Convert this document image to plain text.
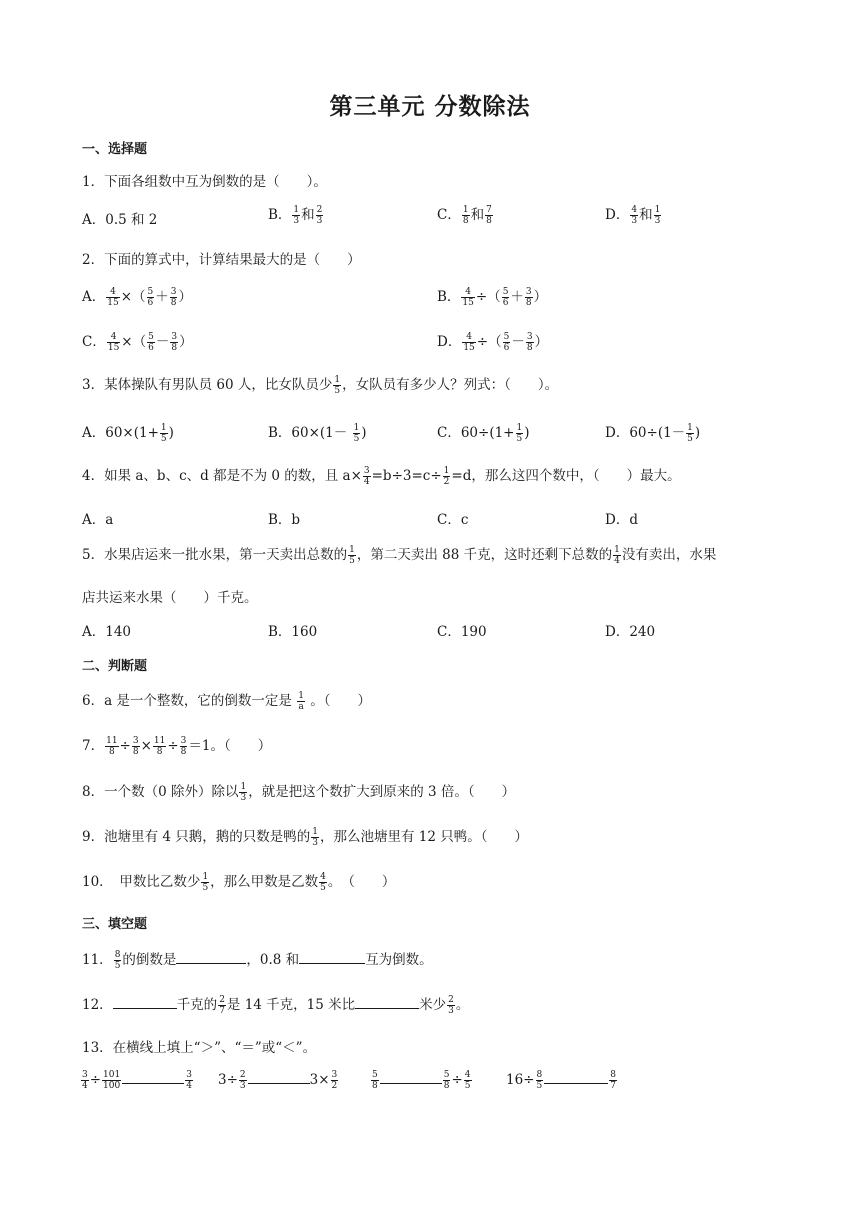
第三单元 分数除法
一、选择题
1．下面各组数中互为倒数的是（　　）。
A．0.5 和 2	B． $\frac{1}{3}$ 和 $\frac{2}{3}$	C． $\frac{1}{8}$ 和 $\frac{7}{8}$	D． $\frac{4}{3}$ 和 $\frac{1}{3}$
2．下面的算式中，计算结果最大的是（　　）
A． $\frac{4}{15}$ ×（ $\frac{5}{6} + \frac{3}{8}$ ）	B． $\frac{4}{15}$ ÷（ $\frac{5}{6} + \frac{3}{8}$ ）
C． $\frac{4}{15}$ ×（ $\frac{5}{6} - \frac{3}{8}$ ）	D． $\frac{4}{15}$ ÷（ $\frac{5}{6} - \frac{3}{8}$ ）
3．某体操队有男队员 60 人，比女队员少 $\frac{1}{5}$ ，女队员有多少人？列式：（　　）。
A．$60\times(1+ \frac{1}{5}$ )	B．$60\times(1- \frac{1}{5}$ )	C．$60\div(1+ \frac{1}{5}$ )	D．$60\div(1- \frac{1}{5}$ )
4．如果 a、b、c、d 都是不为 0 的数，且 $a\times \frac{3}{4} =b\div 3=c\div \frac{1}{2} =d$，那么这四个数中，（　　）最大。
A．a	B．b	C．c	D．d
5．水果店运来一批水果，第一天卖出总数的 $\frac{1}{5}$ ，第二天卖出 88 千克，这时还剩下总数的 $\frac{1}{4}$ 没有卖出，水果
店共运来水果（　　）千克。
A．140	B．160	C．190	D．240
二、判断题
6．a 是一个整数，它的倒数一定是 $\frac{1}{a}$ 。（　　）
7． $\frac{11}{8} \div \frac{3}{8} \times \frac{11}{8} \div \frac{3}{8} =1$。（　　）
8．一个数（0 除外）除以 $\frac{1}{3}$ ，就是把这个数扩大到原来的 3 倍。（　　）
9．池塘里有 4 只鹅，鹅的只数是鸭的 $\frac{1}{3}$ ，那么池塘里有 12 只鸭。（　　）
10．　甲数比乙数少 $\frac{1}{5}$ ，那么甲数是乙数 $\frac{4}{5}$ 。　（　　）
三、填空题
11． $\frac{8}{5}$ 的倒数是	，0.8 和	互为倒数。
12．	千克的 $\frac{2}{7}$ 是 14 千克，15 米比	米少 $\frac{2}{3}$ 。
13．在横线上填上“＞”、“＝”或“＜”。
$\frac{3}{4} \div \frac{101}{100}$	$\frac{3}{4} 3\div \frac{2}{3}$	$3\times \frac{3}{2}$	$\frac{5}{8}$	$\frac{5}{8} \div \frac{4}{5}$	$16\div \frac{8}{5}$	$\frac{8}{7}$
